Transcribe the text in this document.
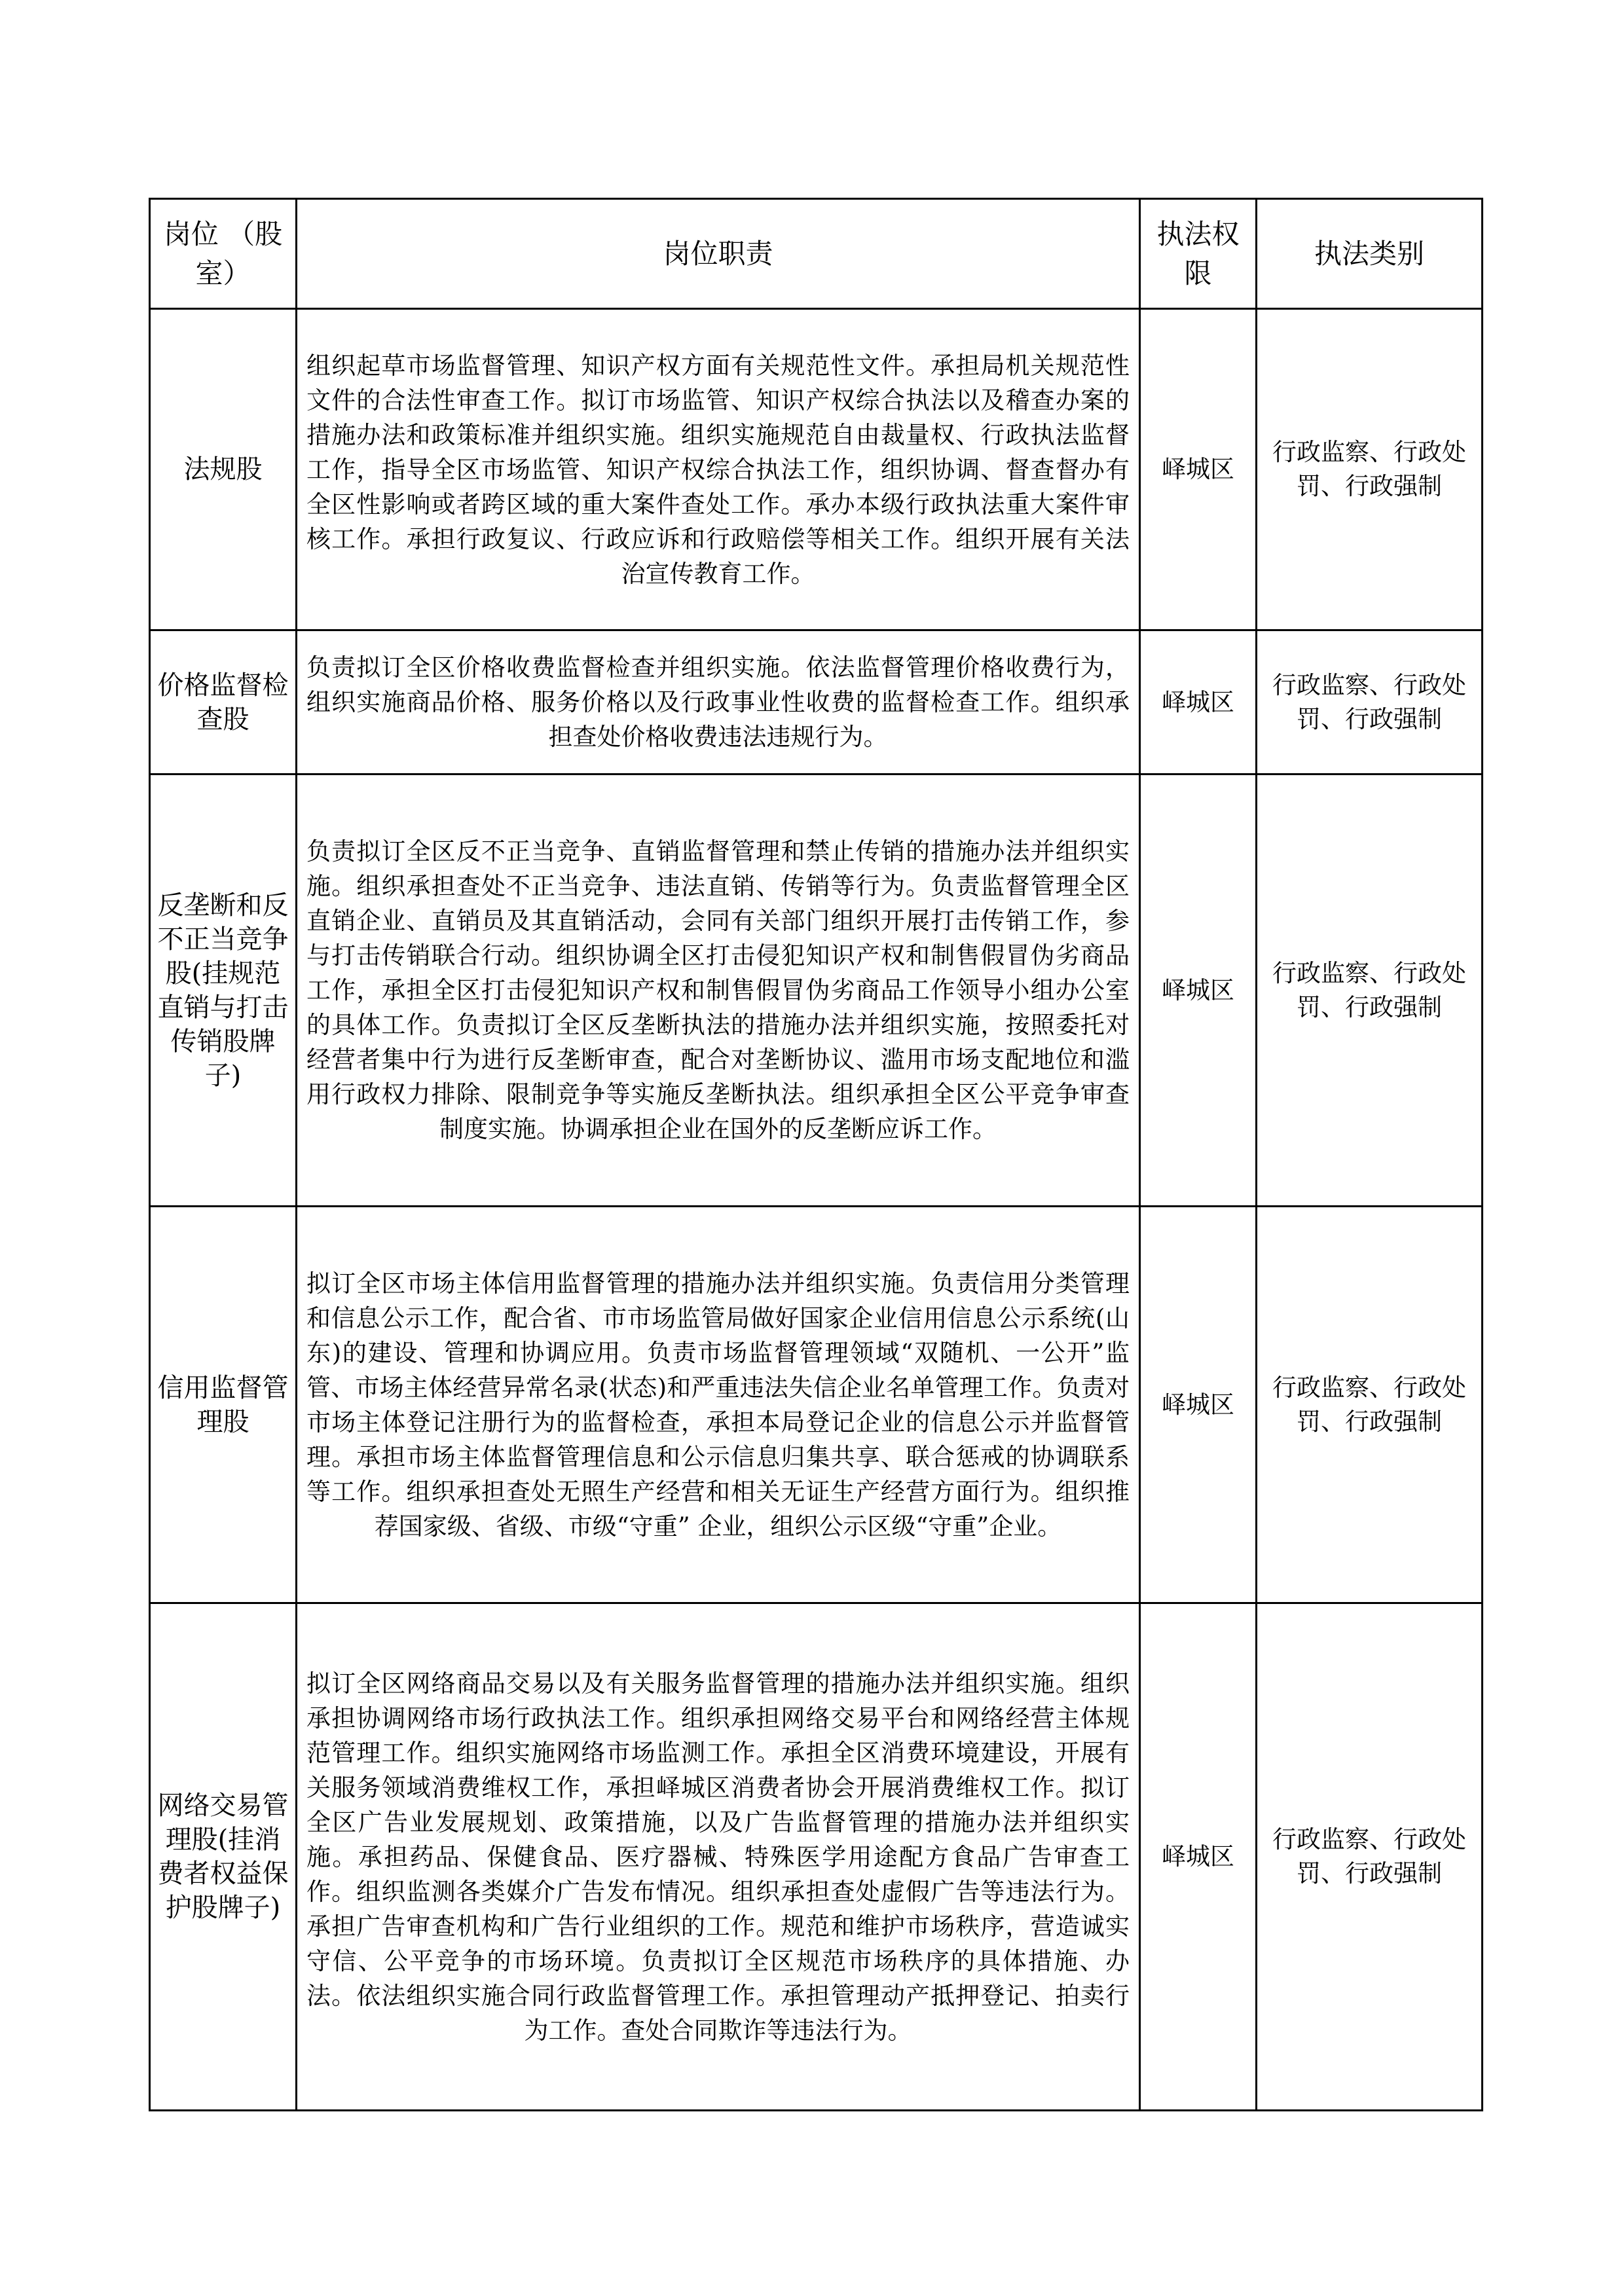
岗位 （股室）	岗位职责	执法权限	执法类别
法规股	组织起草市场监督管理、知识产权方面有关规范性文件。承担局机关规范性文件的合法性审查工作。拟订市场监管、知识产权综合执法以及稽查办案的措施办法和政策标准并组织实施。组织实施规范自由裁量权、行政执法监督工作，指导全区市场监管、知识产权综合执法工作，组织协调、督查督办有全区性影响或者跨区域的重大案件查处工作。承办本级行政执法重大案件审核工作。承担行政复议、行政应诉和行政赔偿等相关工作。组织开展有关法治宣传教育工作。	峄城区	行政监察、行政处罚、行政强制
价格监督检查股	负责拟订全区价格收费监督检查并组织实施。依法监督管理价格收费行为，组织实施商品价格、服务价格以及行政事业性收费的监督检查工作。组织承担查处价格收费违法违规行为。	峄城区	行政监察、行政处罚、行政强制
反垄断和反不正当竞争股(挂规范直销与打击传销股牌子)	负责拟订全区反不正当竞争、直销监督管理和禁止传销的措施办法并组织实施。组织承担查处不正当竞争、违法直销、传销等行为。负责监督管理全区直销企业、直销员及其直销活动，会同有关部门组织开展打击传销工作，参与打击传销联合行动。组织协调全区打击侵犯知识产权和制售假冒伪劣商品工作，承担全区打击侵犯知识产权和制售假冒伪劣商品工作领导小组办公室的具体工作。负责拟订全区反垄断执法的措施办法并组织实施，按照委托对经营者集中行为进行反垄断审查，配合对垄断协议、滥用市场支配地位和滥用行政权力排除、限制竞争等实施反垄断执法。组织承担全区公平竞争审查制度实施。协调承担企业在国外的反垄断应诉工作。	峄城区	行政监察、行政处罚、行政强制
信用监督管理股	拟订全区市场主体信用监督管理的措施办法并组织实施。负责信用分类管理和信息公示工作，配合省、市市场监管局做好国家企业信用信息公示系统(山东)的建设、管理和协调应用。负责市场监督管理领域“双随机、一公开”监管、市场主体经营异常名录(状态)和严重违法失信企业名单管理工作。负责对市场主体登记注册行为的监督检查，承担本局登记企业的信息公示并监督管理。承担市场主体监督管理信息和公示信息归集共享、联合惩戒的协调联系等工作。组织承担查处无照生产经营和相关无证生产经营方面行为。组织推荐国家级、省级、市级“守重” 企业，组织公示区级“守重”企业。	峄城区	行政监察、行政处罚、行政强制
网络交易管理股(挂消费者权益保护股牌子)	拟订全区网络商品交易以及有关服务监督管理的措施办法并组织实施。组织承担协调网络市场行政执法工作。组织承担网络交易平台和网络经营主体规范管理工作。组织实施网络市场监测工作。承担全区消费环境建设，开展有关服务领域消费维权工作，承担峄城区消费者协会开展消费维权工作。拟订全区广告业发展规划、政策措施，以及广告监督管理的措施办法并组织实施。承担药品、保健食品、医疗器械、特殊医学用途配方食品广告审查工作。组织监测各类媒介广告发布情况。组织承担查处虚假广告等违法行为。承担广告审查机构和广告行业组织的工作。规范和维护市场秩序，营造诚实守信、公平竞争的市场环境。负责拟订全区规范市场秩序的具体措施、办法。依法组织实施合同行政监督管理工作。承担管理动产抵押登记、拍卖行为工作。查处合同欺诈等违法行为。	峄城区	行政监察、行政处罚、行政强制
